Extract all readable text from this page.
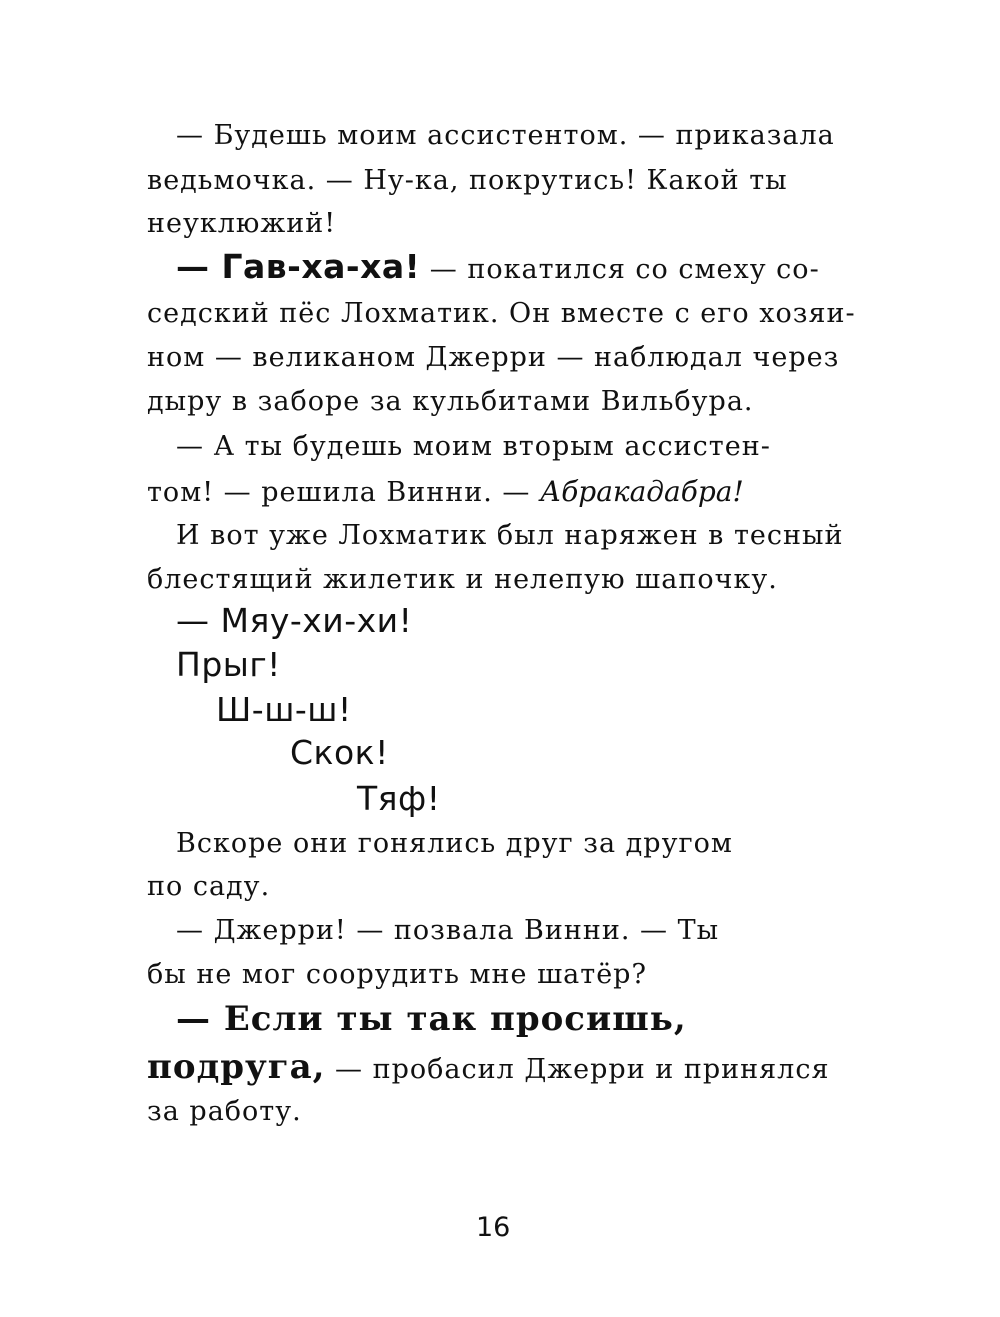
— Будешь моим ассистентом. — приказала
ведьмочка. — Ну-ка, покрутись! Какой ты
неуклюжий!
— Гав-ха-ха! — покатился со смеху со-
седский пёс Лохматик. Он вместе с его хозяи-
ном — великаном Джерри — наблюдал через
дыру в заборе за кульбитами Вильбура.
— А ты будешь моим вторым ассистен-
том! — решила Винни. — Абракадабра!
И вот уже Лохматик был наряжен в тесный
блестящий жилетик и нелепую шапочку.
— Мяу-хи-хи!
Прыг!
Ш-ш-ш!
Скок!
Тяф!
Вскоре они гонялись друг за другом
по саду.
— Джерри! — позвала Винни. — Ты
бы не мог соорудить мне шатёр?
— Если ты так просишь,
подруга, — пробасил Джерри и принялся
за работу.
16
